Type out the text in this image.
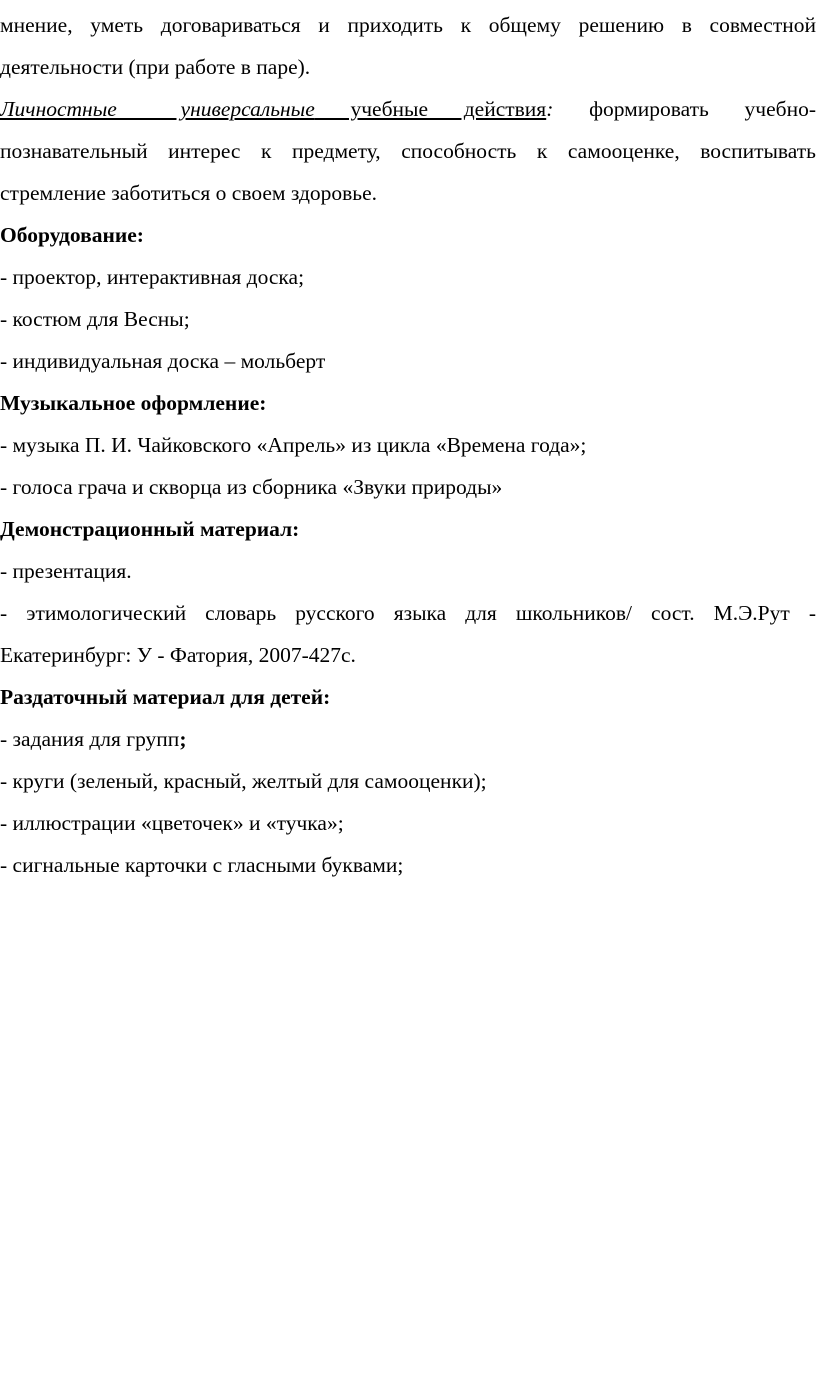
мнение, уметь договариваться и приходить к общему решению в совместной
деятельности (при работе в паре).
Личностные универсальные учебные действия: формировать учебно-
познавательный интерес к предмету, способность к самооценке, воспитывать
стремление заботиться о своем здоровье.
Оборудование:
- проектор, интерактивная доска;
- костюм для Весны;
- индивидуальная доска – мольберт
Музыкальное оформление:
- музыка П. И. Чайковского «Апрель» из цикла «Времена года»;
- голоса грача и скворца из сборника «Звуки природы»
Демонстрационный материал:
- презентация.
- этимологический словарь русского языка для школьников/ сост. М.Э.Рут -
Екатеринбург: У - Фатория, 2007-427с.
Раздаточный материал для детей:
- задания для групп;
- круги (зеленый, красный, желтый для самооценки);
- иллюстрации «цветочек» и «тучка»;
- сигнальные карточки с гласными буквами;
